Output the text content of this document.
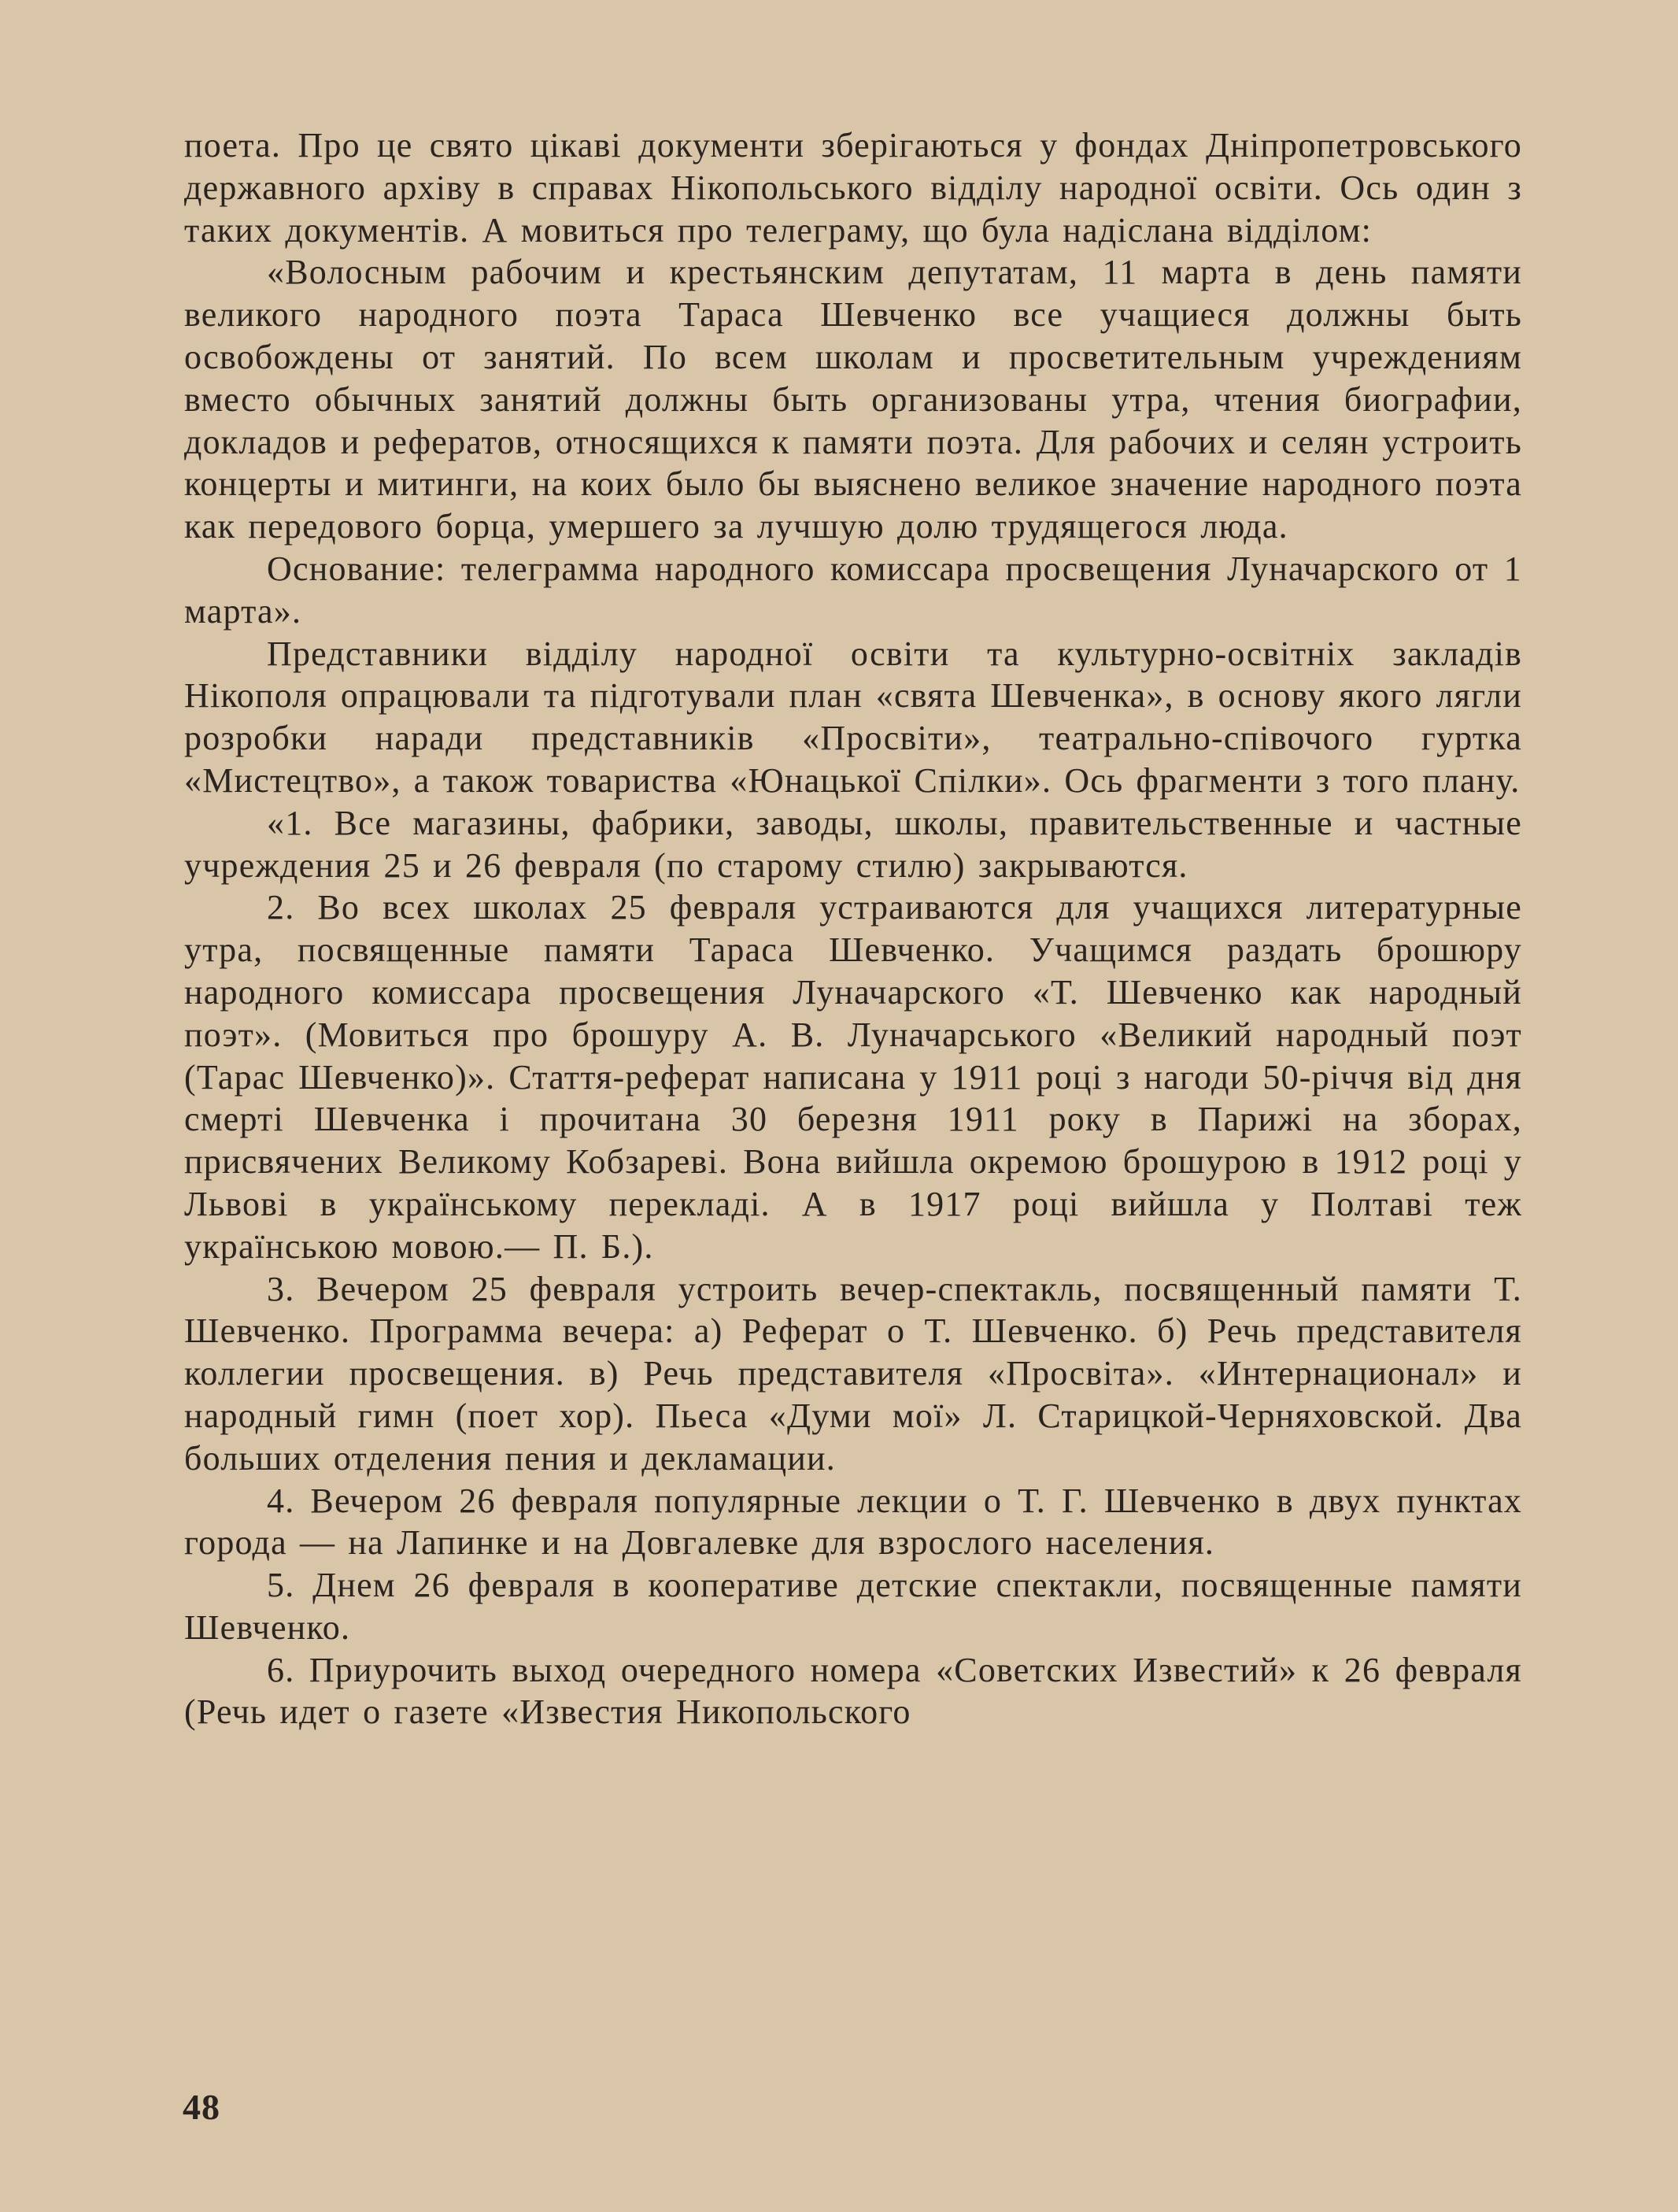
поета. Про це свято цікаві документи зберігаються у фондах Дніпропетровського державного архіву в справах Нікопольського відділу народної освіти. Ось один з таких документів. А мовиться про телеграму, що була надіслана відділом:

«Волосным рабочим и крестьянским депутатам, 11 марта в день памяти великого народного поэта Тараса Шевченко все учащиеся должны быть освобождены от занятий. По всем школам и просветительным учреждениям вместо обычных занятий должны быть организованы утра, чтения биографии, докладов и рефератов, относящихся к памяти поэта. Для рабочих и селян устроить концерты и митинги, на коих было бы выяснено великое значение народного поэта как передового борца, умершего за лучшую долю трудящегося люда.

Основание: телеграмма народного комиссара просвещения Луначарского от 1 марта».

Представники відділу народної освіти та культурно-освітніх закладів Нікополя опрацювали та підготували план «свята Шевченка», в основу якого лягли розробки наради представників «Просвіти», театрально-співочого гуртка «Мистецтво», а також товариства «Юнацької Спілки». Ось фрагменти з того плану.

«1. Все магазины, фабрики, заводы, школы, правительственные и частные учреждения 25 и 26 февраля (по старому стилю) закрываются.

2. Во всех школах 25 февраля устраиваются для учащихся литературные утра, посвященные памяти Тараса Шевченко. Учащимся раздать брошюру народного комиссара просвещения Луначарского «Т. Шевченко как народный поэт». (Мовиться про брошуру А. В. Луначарського «Великий народный поэт (Тарас Шевченко)». Стаття-реферат написана у 1911 році з нагоди 50-річчя від дня смерті Шевченка і прочитана 30 березня 1911 року в Парижі на зборах, присвячених Великому Кобзареві. Вона вийшла окремою брошурою в 1912 році у Львові в українському перекладі. А в 1917 році вийшла у Полтаві теж українською мовою.— П. Б.).

3. Вечером 25 февраля устроить вечер-спектакль, посвященный памяти Т. Шевченко. Программа вечера: а) Реферат о Т. Шевченко. б) Речь представителя коллегии просвещения. в) Речь представителя «Просвіта». «Интернационал» и народный гимн (поет хор). Пьеса «Думи мої» Л. Старицкой-Черняховской. Два больших отделения пения и декламации.

4. Вечером 26 февраля популярные лекции о Т. Г. Шевченко в двух пунктах города — на Лапинке и на Довгалевке для взрослого населения.

5. Днем 26 февраля в кооперативе детские спектакли, посвященные памяти Шевченко.

6. Приурочить выход очередного номера «Советских Известий» к 26 февраля (Речь идет о газете «Известия Никопольского

48
